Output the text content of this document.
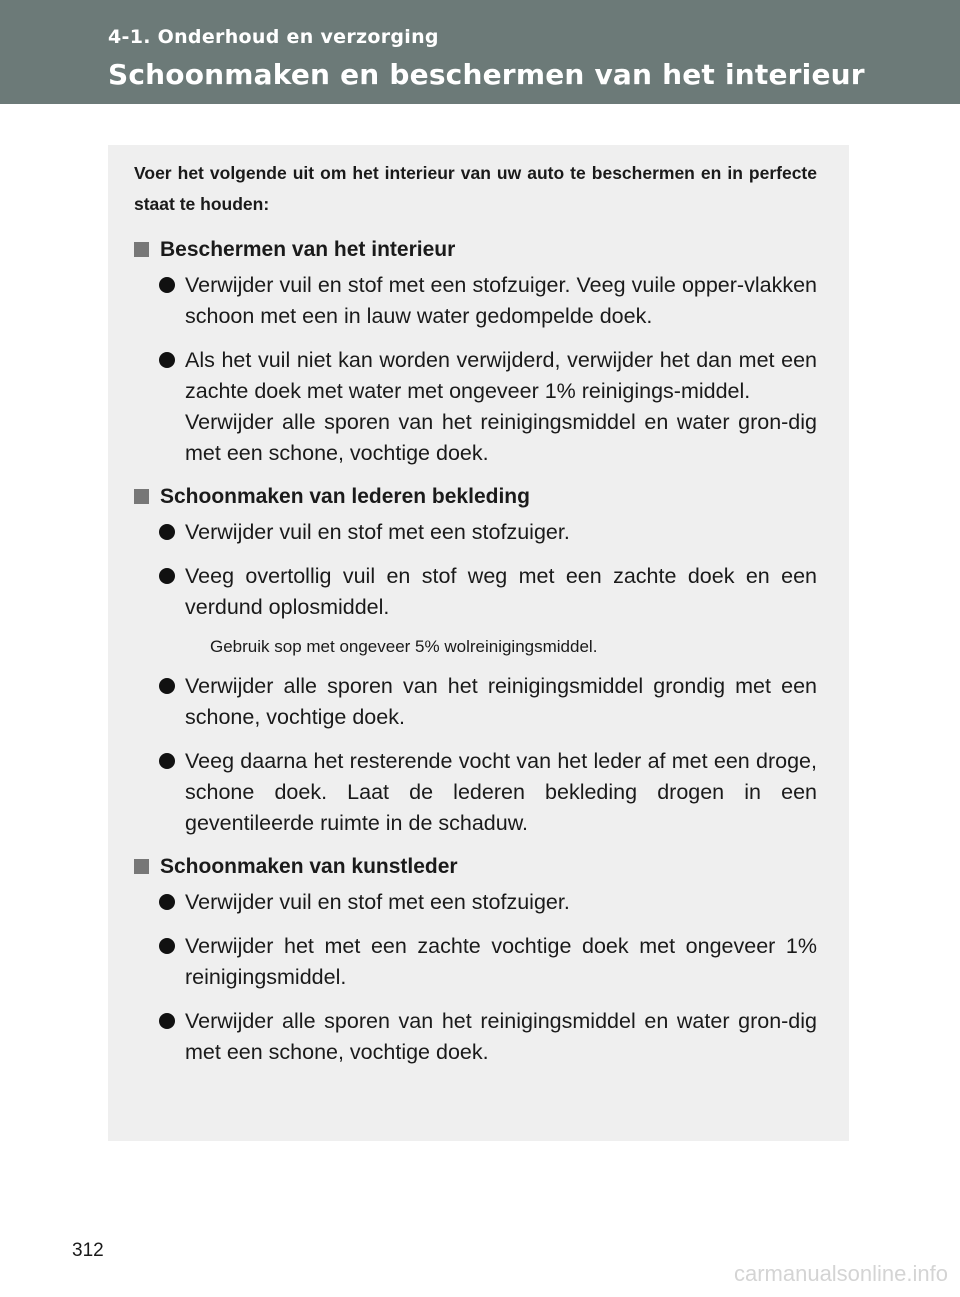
4-1. Onderhoud en verzorging
Schoonmaken en beschermen van het interieur

Voer het volgende uit om het interieur van uw auto te beschermen en in perfecte staat te houden:

Beschermen van het interieur
Verwijder vuil en stof met een stofzuiger. Veeg vuile opper-vlakken schoon met een in lauw water gedompelde doek.
Als het vuil niet kan worden verwijderd, verwijder het dan met een zachte doek met water met ongeveer 1% reinigings-middel.
Verwijder alle sporen van het reinigingsmiddel en water gron-dig met een schone, vochtige doek.
Schoonmaken van lederen bekleding
Verwijder vuil en stof met een stofzuiger.
Veeg overtollig vuil en stof weg met een zachte doek en een verdund oplosmiddel.

Gebruik sop met ongeveer 5% wolreinigingsmiddel.

Verwijder alle sporen van het reinigingsmiddel grondig met een schone, vochtige doek.
Veeg daarna het resterende vocht van het leder af met een droge, schone doek. Laat de lederen bekleding drogen in een geventileerde ruimte in de schaduw.
Schoonmaken van kunstleder
Verwijder vuil en stof met een stofzuiger.
Verwijder het met een zachte vochtige doek met ongeveer 1% reinigingsmiddel.
Verwijder alle sporen van het reinigingsmiddel en water gron-dig met een schone, vochtige doek.
312
carmanualsonline.info
